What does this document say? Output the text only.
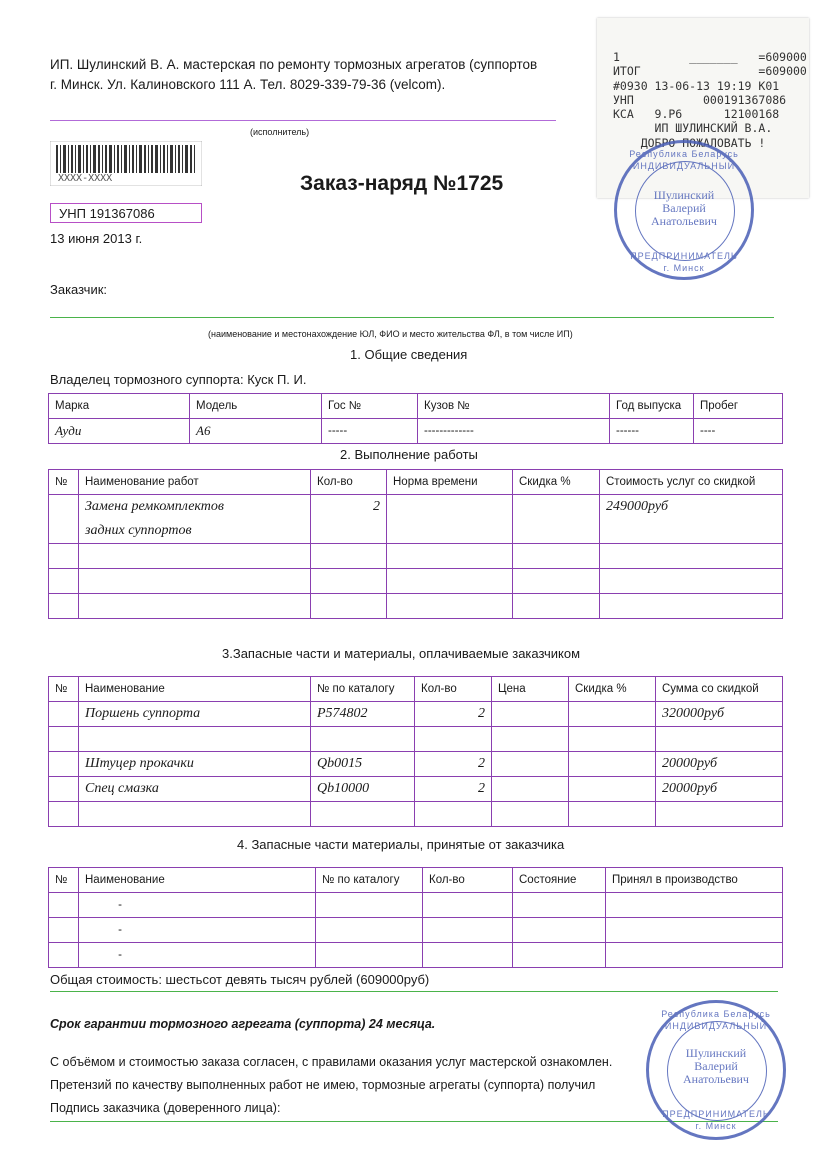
ИП. Шулинский В. А. мастерская по ремонту тормозных агрегатов (суппортов
г. Минск. Ул. Калиновского 111 А. Тел. 8029-339-79-36 (velcom).
(исполнитель)
1          _______   =609000
ИТОГ                 =609000
#0930 13-06-13 19:19 К01
УНП          000191367086
КСА   9.Р6      12100168
ИП ШУЛИНСКИЙ В.А.
ДОБРО ПОЖАЛОВАТЬ !
XXXX-XXXX	Заказ-наряд №1725
Республика Беларусь
ИНДИВИДУАЛЬНЫЙ
Шулинский
Валерий
Анатольевич
ПРЕДПРИНИМАТЕЛЬ
г. Минск
УНП 191367086
13 июня 2013 г.
Заказчик:
(наименование и местонахождение ЮЛ, ФИО и место жительства ФЛ, в том числе ИП)
1. Общие сведения
Владелец тормозного суппорта: Куск П. И.
Марка	Модель	Гос №	Кузов №	Год выпуска	Пробег
Ауди	А6	-----	-------------	------	----
2. Выполнение работы
№	Наименование работ	Кол-во	Норма времени	Скидка %	Стоимость услуг со скидкой

	Замена ремкомплектов
задних суппортов	2			249000руб

3.Запасные части и материалы, оплачиваемые заказчиком
№	Наименование	№ по каталогу	Кол-во	Цена	Скидка %	Сумма со скидкой
	Поршень суппорта	P574802	2			320000руб

	Штуцер прокачки	Qb0015	2			20000руб
	Спец смазка	Qb10000	2			20000руб

4. Запасные части материалы, принятые от заказчика
№	Наименование	№ по каталогу	Кол-во	Состояние	Принял в производство
	-				
	-				
	-				
Общая стоимость: шестьсот девять тысяч рублей (609000руб)
Срок гарантии тормозного агрегата (суппорта) 24 месяца.
С объёмом и стоимостью заказа согласен, с правилами оказания услуг мастерской ознакомлен.
Претензий по качеству выполненных работ не имею, тормозные агрегаты (суппорта) получил
Подпись заказчика (доверенного лица):
Республика Беларусь
ИНДИВИДУАЛЬНЫЙ
Шулинский
Валерий
Анатольевич
ПРЕДПРИНИМАТЕЛЬ
г. Минск
